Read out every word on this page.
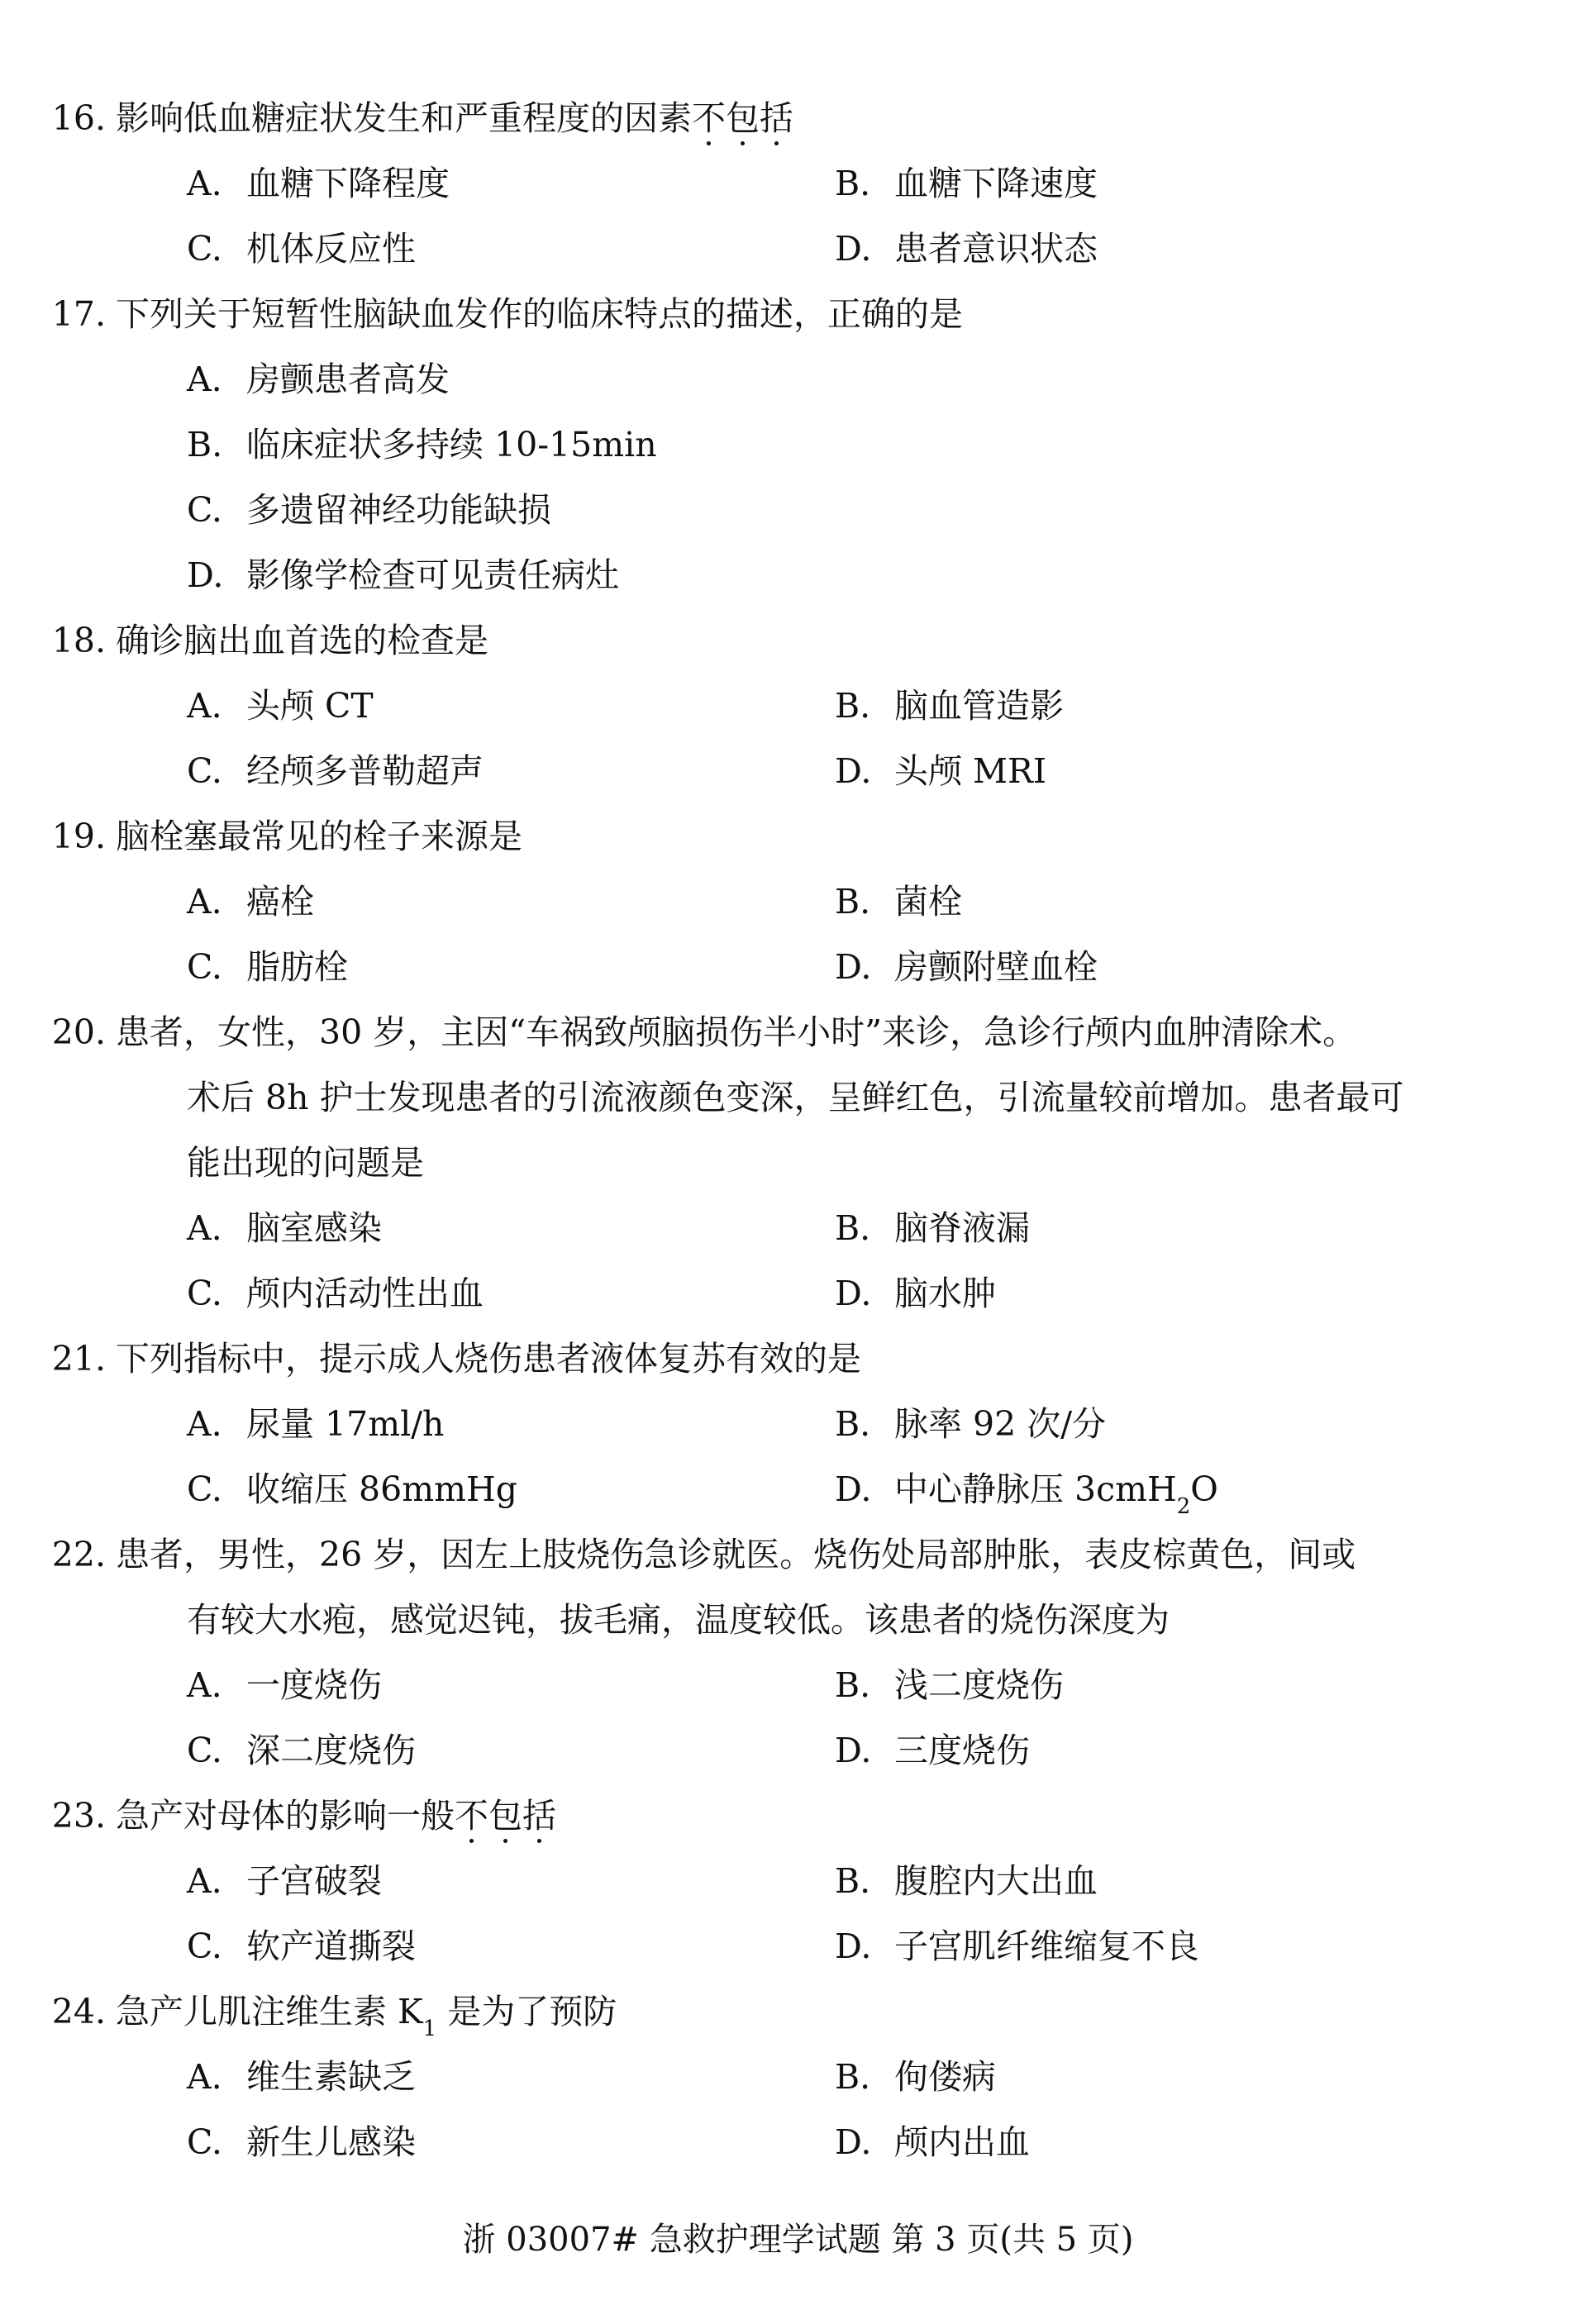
16. 影响低血糖症状发生和严重程度的因素不包括
A. 血糖下降程度	B. 血糖下降速度
C. 机体反应性	D. 患者意识状态
17. 下列关于短暂性脑缺血发作的临床特点的描述，正确的是
A. 房颤患者高发
B. 临床症状多持续 10-15min
C. 多遗留神经功能缺损
D. 影像学检查可见责任病灶
18. 确诊脑出血首选的检查是
A. 头颅 CT	B. 脑血管造影
C. 经颅多普勒超声	D. 头颅 MRI
19. 脑栓塞最常见的栓子来源是
A. 癌栓	B. 菌栓
C. 脂肪栓	D. 房颤附壁血栓
20. 患者，女性，30 岁，主因“车祸致颅脑损伤半小时”来诊，急诊行颅内血肿清除术。
术后 8h 护士发现患者的引流液颜色变深，呈鲜红色，引流量较前增加。患者最可
能出现的问题是
A. 脑室感染	B. 脑脊液漏
C. 颅内活动性出血	D. 脑水肿
21. 下列指标中，提示成人烧伤患者液体复苏有效的是
A. 尿量 17ml/h	B. 脉率 92 次/分
C. 收缩压 86mmHg	D. 中心静脉压 3cmH$_2$O
22. 患者，男性，26 岁，因左上肢烧伤急诊就医。烧伤处局部肿胀，表皮棕黄色，间或
有较大水疱，感觉迟钝，拔毛痛，温度较低。该患者的烧伤深度为
A. 一度烧伤	B. 浅二度烧伤
C. 深二度烧伤	D. 三度烧伤
23. 急产对母体的影响一般不包括
A. 子宫破裂	B. 腹腔内大出血
C. 软产道撕裂	D. 子宫肌纤维缩复不良
24. 急产儿肌注维生素 $K_1$ 是为了预防
A. 维生素缺乏	B. 佝偻病
C. 新生儿感染	D. 颅内出血
浙 03007# 急救护理学试题 第 3 页(共 5 页)
